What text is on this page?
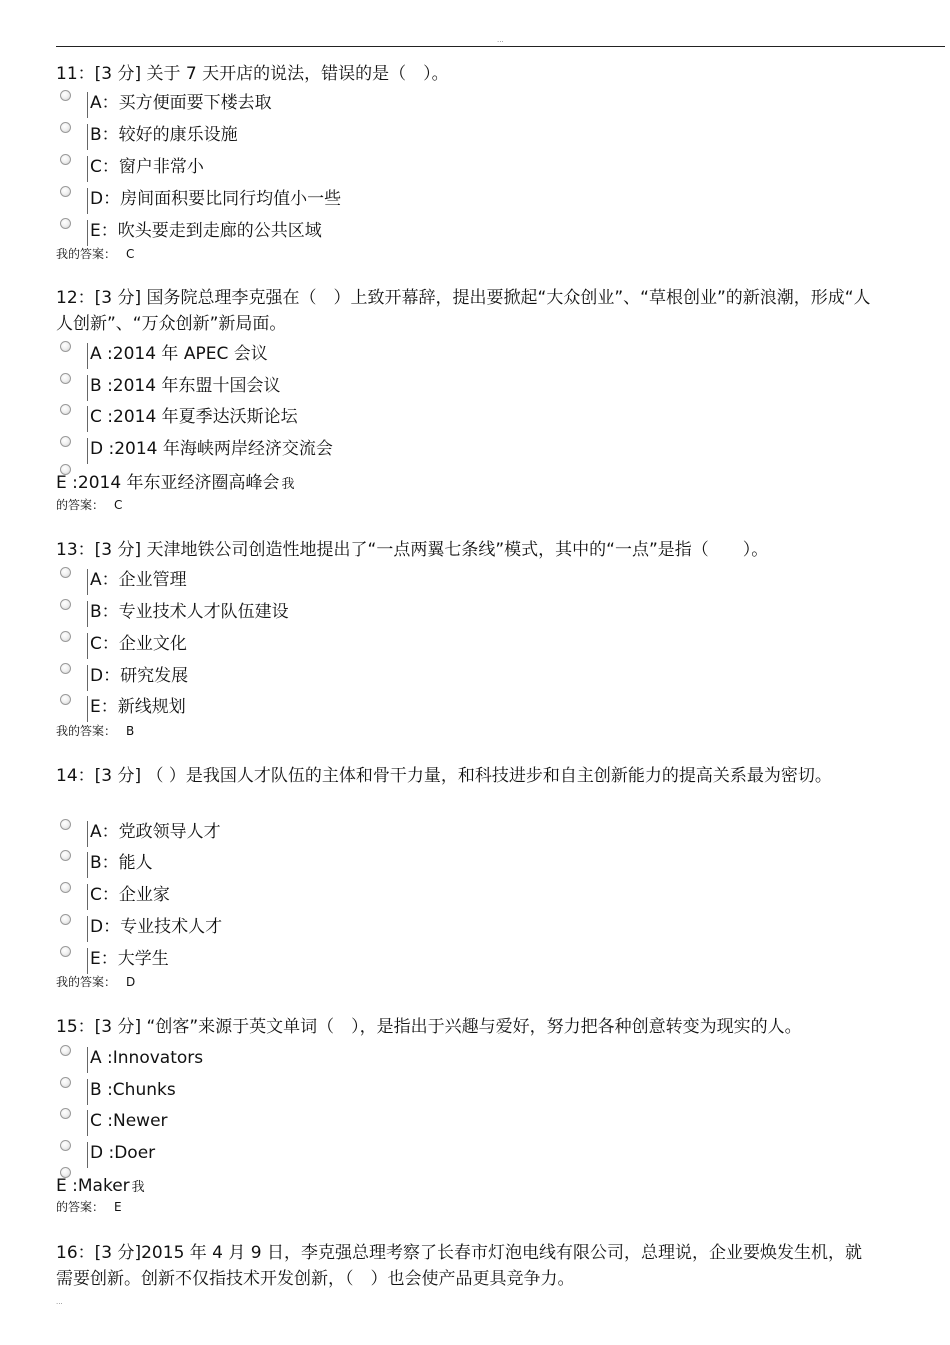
...
11：[3 分] 关于 7 天开店的说法，错误的是（　）。
A：买方便面要下楼去取
B：较好的康乐设施
C：窗户非常小
D：房间面积要比同行均值小一些
E：吹头要走到走廊的公共区域
我的答案： C
12：[3 分] 国务院总理李克强在（　）上致开幕辞，提出要掀起“大众创业”、“草根创业”的新浪潮，形成“人人创新”、“万众创新”新局面。
A :2014 年 APEC 会议
B :2014 年东盟十国会议
C :2014 年夏季达沃斯论坛
D :2014 年海峡两岸经济交流会
E :2014 年东亚经济圈高峰会 我
的答案： C
13：[3 分] 天津地铁公司创造性地提出了“一点两翼七条线”模式，其中的“一点”是指（　　）。
A：企业管理
B：专业技术人才队伍建设
C：企业文化
D：研究发展
E：新线规划
我的答案： B
14：[3 分] （ ）是我国人才队伍的主体和骨干力量，和科技进步和自主创新能力的提高关系最为密切。
A：党政领导人才
B：能人
C：企业家
D：专业技术人才
E：大学生
我的答案： D
15：[3 分] “创客”来源于英文单词（　），是指出于兴趣与爱好，努力把各种创意转变为现实的人。
A :Innovators
B :Chunks
C :Newer
D :Doer
E :Maker 我
的答案： E
16：[3 分]2015 年 4 月 9 日，李克强总理考察了长春市灯泡电线有限公司，总理说，企业要焕发生机，就需要创新。创新不仅指技术开发创新，（　）也会使产品更具竞争力。
...
